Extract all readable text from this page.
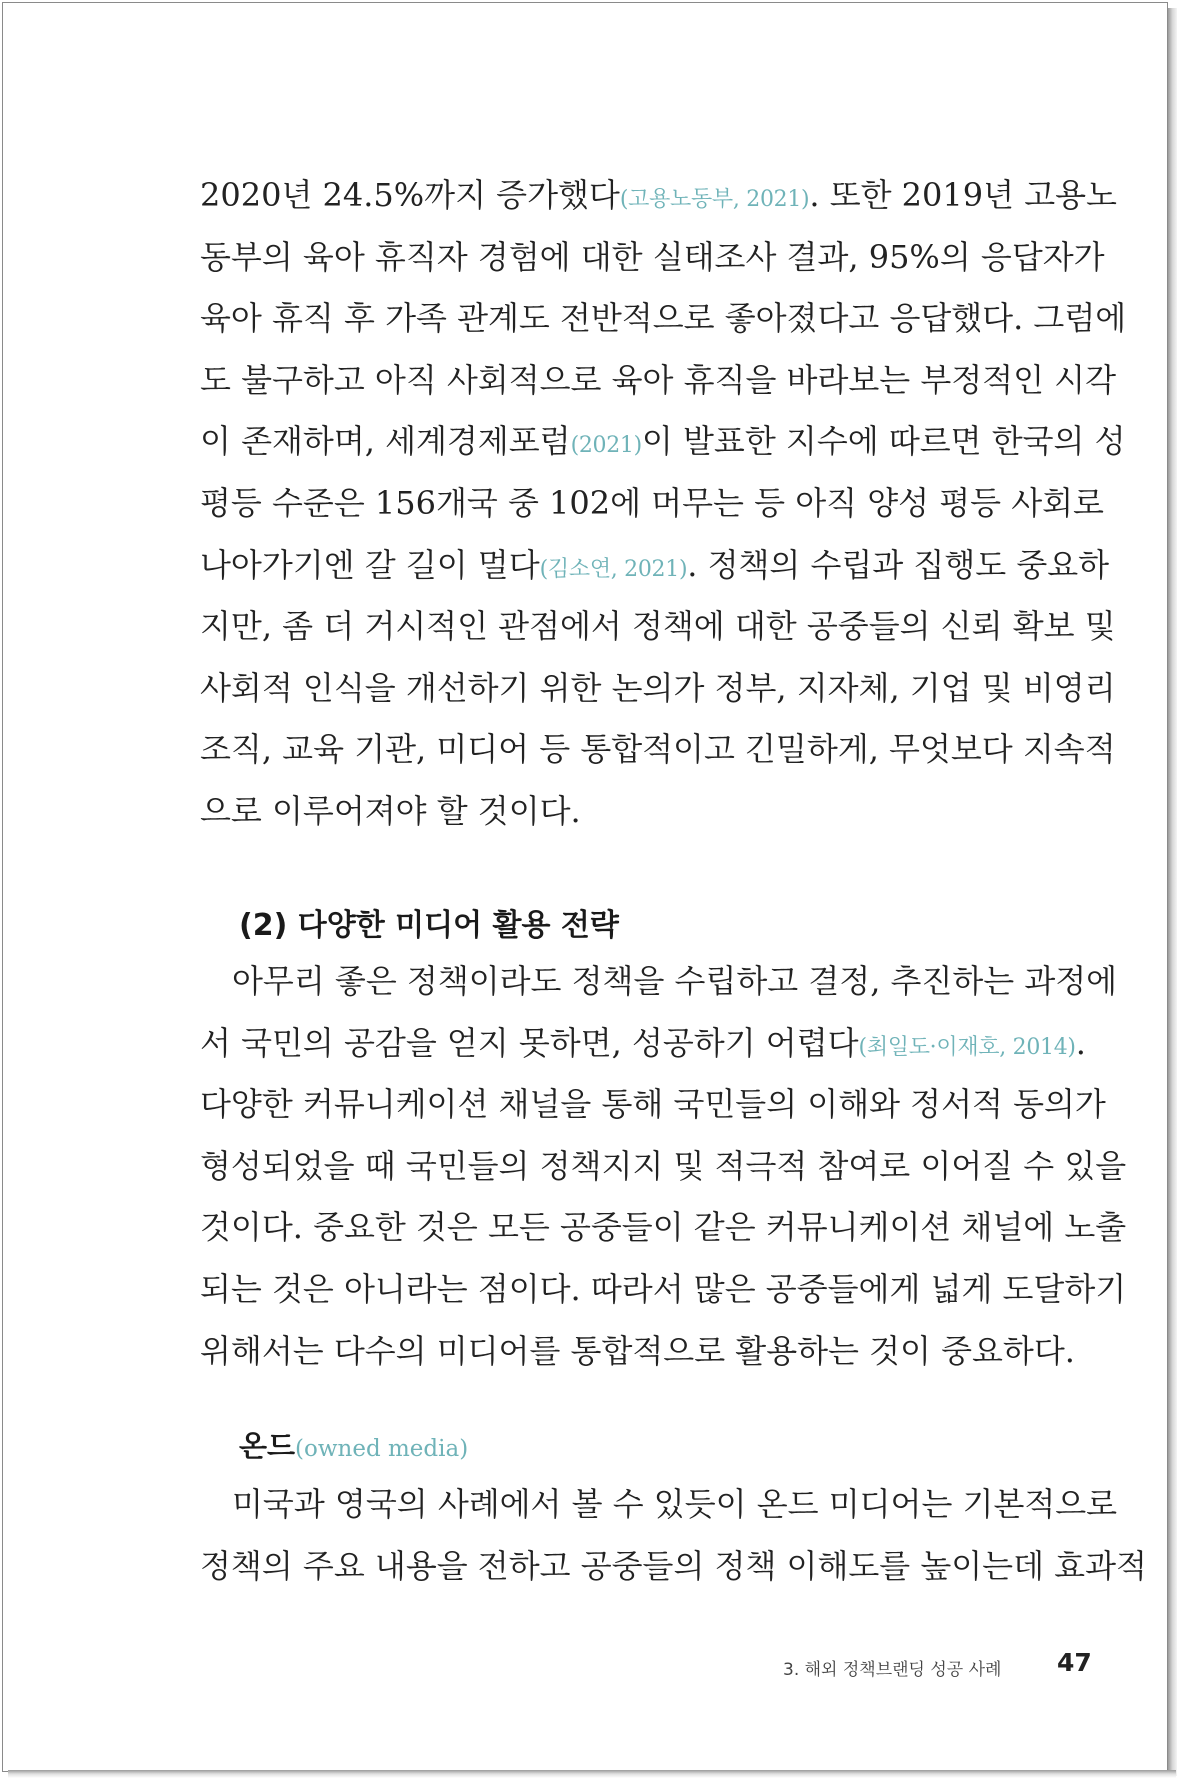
2020년 24.5%까지 증가했다(고용노동부, 2021). 또한 2019년 고용노
동부의 육아 휴직자 경험에 대한 실태조사 결과, 95%의 응답자가
육아 휴직 후 가족 관계도 전반적으로 좋아졌다고 응답했다. 그럼에
도 불구하고 아직 사회적으로 육아 휴직을 바라보는 부정적인 시각
이 존재하며, 세계경제포럼(2021)이 발표한 지수에 따르면 한국의 성
평등 수준은 156개국 중 102에 머무는 등 아직 양성 평등 사회로
나아가기엔 갈 길이 멀다(김소연, 2021). 정책의 수립과 집행도 중요하
지만, 좀 더 거시적인 관점에서 정책에 대한 공중들의 신뢰 확보 및
사회적 인식을 개선하기 위한 논의가 정부, 지자체, 기업 및 비영리
조직, 교육 기관, 미디어 등 통합적이고 긴밀하게, 무엇보다 지속적
으로 이루어져야 할 것이다.
(2) 다양한 미디어 활용 전략
　아무리 좋은 정책이라도 정책을 수립하고 결정, 추진하는 과정에
서 국민의 공감을 얻지 못하면, 성공하기 어렵다(최일도·이재호, 2014).
다양한 커뮤니케이션 채널을 통해 국민들의 이해와 정서적 동의가
형성되었을 때 국민들의 정책지지 및 적극적 참여로 이어질 수 있을
것이다. 중요한 것은 모든 공중들이 같은 커뮤니케이션 채널에 노출
되는 것은 아니라는 점이다. 따라서 많은 공중들에게 넓게 도달하기
위해서는 다수의 미디어를 통합적으로 활용하는 것이 중요하다.
온드(owned media)
　미국과 영국의 사례에서 볼 수 있듯이 온드 미디어는 기본적으로
정책의 주요 내용을 전하고 공중들의 정책 이해도를 높이는데 효과적
3. 해외 정책브랜딩 성공 사례 47
